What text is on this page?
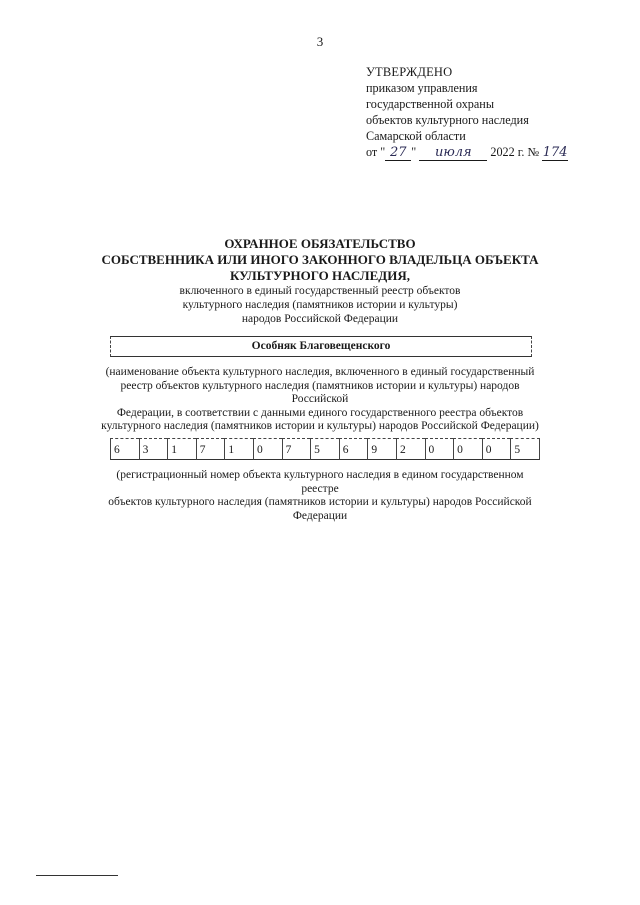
3
УТВЕРЖДЕНО
приказом управления
государственной охраны
объектов культурного наследия
Самарской области
от " 27 " июля 2022 г. № 174
ОХРАННОЕ ОБЯЗАТЕЛЬСТВО
СОБСТВЕННИКА ИЛИ ИНОГО ЗАКОННОГО ВЛАДЕЛЬЦА ОБЪЕКТА
КУЛЬТУРНОГО НАСЛЕДИЯ,
включенного в единый государственный реестр объектов
культурного наследия (памятников истории и культуры)
народов Российской Федерации
Особняк Благовещенского
(наименование объекта культурного наследия, включенного в единый государственный
реестр объектов культурного наследия (памятников истории и культуры) народов Российской
Федерации, в соответствии с данными единого государственного реестра объектов
культурного наследия (памятников истории и культуры) народов Российской Федерации)
6	3	1	7	1	0	7	5	6	9	2	0	0	0	5
(регистрационный номер объекта культурного наследия в едином государственном реестре
объектов культурного наследия (памятников истории и культуры) народов Российской
Федерации
